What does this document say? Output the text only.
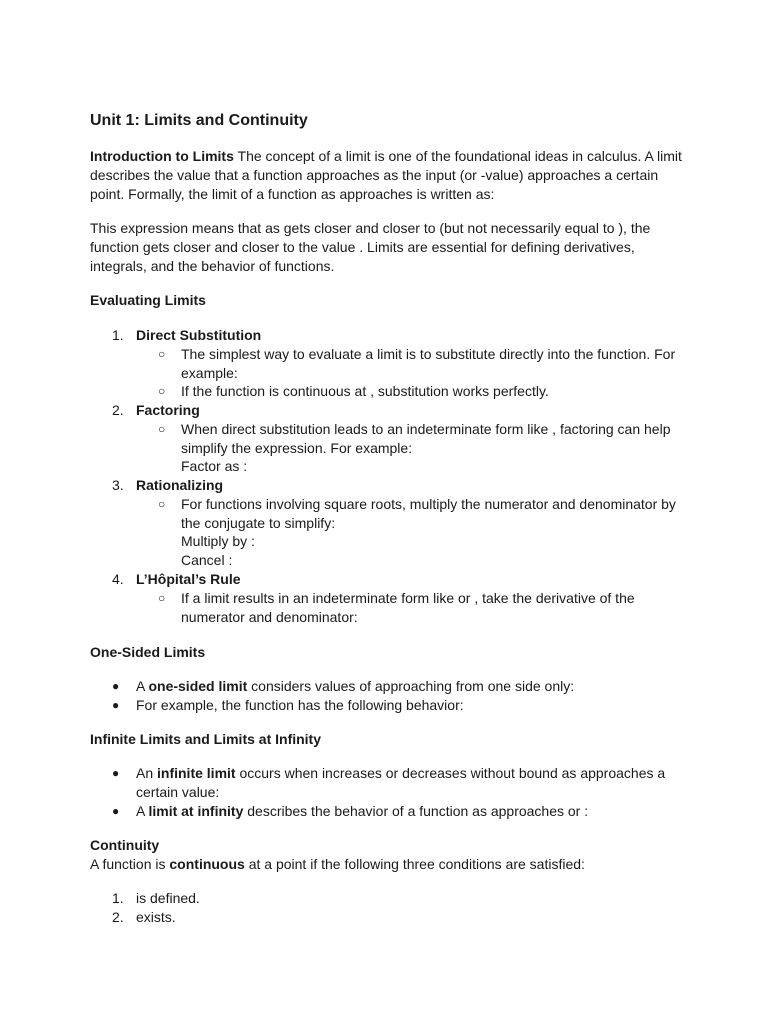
Unit 1: Limits and Continuity

Introduction to Limits The concept of a limit is one of the foundational ideas in calculus. A limit describes the value that a function approaches as the input (or -value) approaches a certain point. Formally, the limit of a function as approaches is written as:

This expression means that as gets closer and closer to (but not necessarily equal to ), the function gets closer and closer to the value . Limits are essential for defining derivatives, integrals, and the behavior of functions.

Evaluating Limits
1. Direct Substitution
○ The simplest way to evaluate a limit is to substitute directly into the function. For example:
○ If the function is continuous at , substitution works perfectly.
2. Factoring
○ When direct substitution leads to an indeterminate form like , factoring can help simplify the expression. For example:
Factor as :
3. Rationalizing
○ For functions involving square roots, multiply the numerator and denominator by the conjugate to simplify:
Multiply by :
Cancel :
4. L’Hôpital’s Rule
○ If a limit results in an indeterminate form like or , take the derivative of the numerator and denominator:
One-Sided Limits
● A one-sided limit considers values of approaching from one side only:
● For example, the function has the following behavior:
Infinite Limits and Limits at Infinity
● An infinite limit occurs when increases or decreases without bound as approaches a certain value:
● A limit at infinity describes the behavior of a function as approaches or :
Continuity

A function is continuous at a point if the following three conditions are satisfied:

1. is defined.
2. exists.
